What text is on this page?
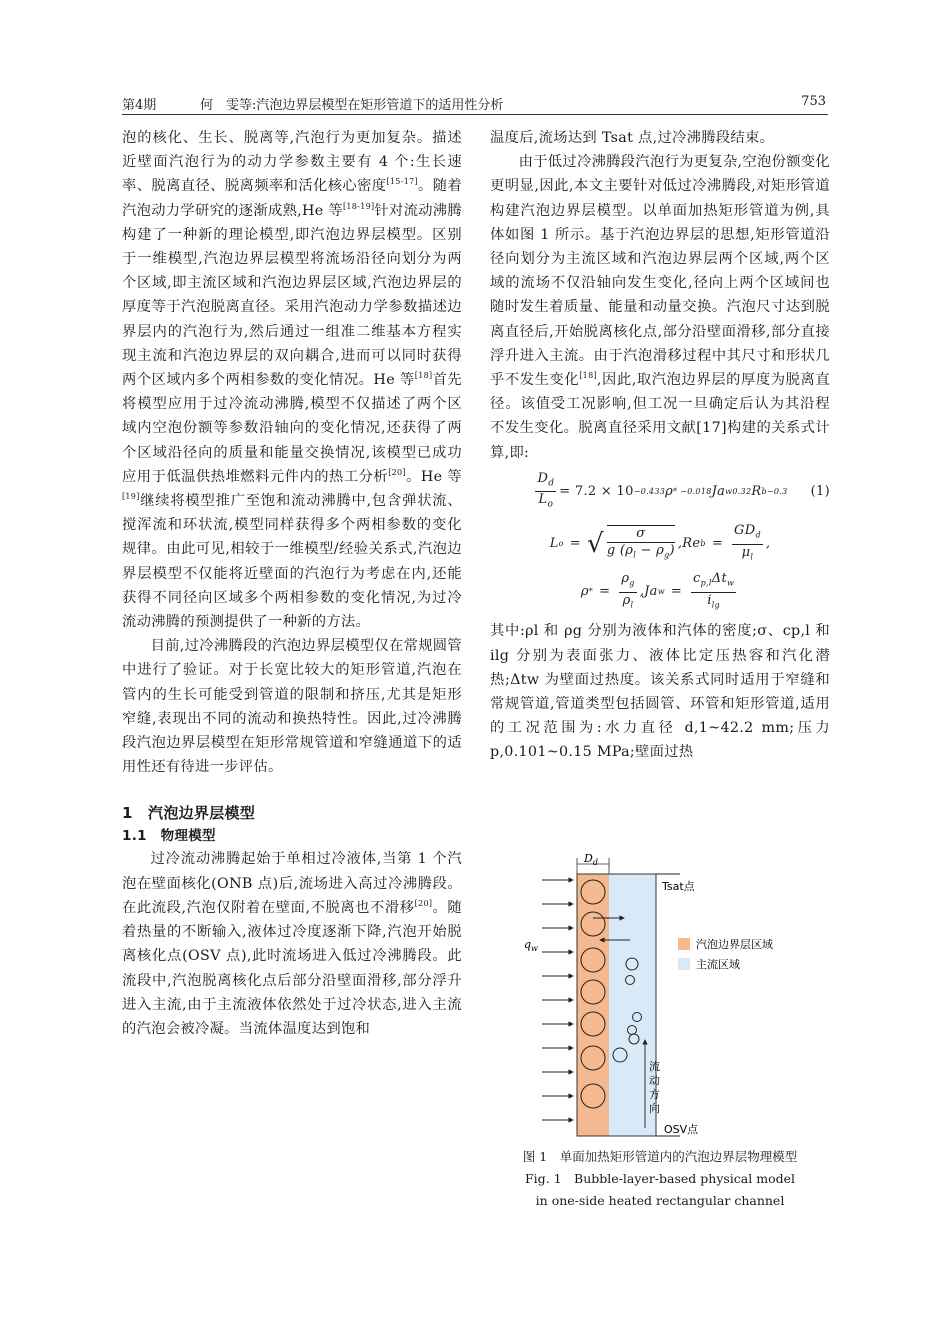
第4期	何　雯等:汽泡边界层模型在矩形管道下的适用性分析	753

泡的核化、生长、脱离等,汽泡行为更加复杂。描述近壁面汽泡行为的动力学参数主要有 4 个:生长速率、脱离直径、脱离频率和活化核心密度[15-17]。随着汽泡动力学研究的逐渐成熟,He 等[18-19]针对流动沸腾构建了一种新的理论模型,即汽泡边界层模型。区别于一维模型,汽泡边界层模型将流场沿径向划分为两个区域,即主流区域和汽泡边界层区域,汽泡边界层的厚度等于汽泡脱离直径。采用汽泡动力学参数描述边界层内的汽泡行为,然后通过一组准二维基本方程实现主流和汽泡边界层的双向耦合,进而可以同时获得两个区域内多个两相参数的变化情况。He 等[18]首先将模型应用于过冷流动沸腾,模型不仅描述了两个区域内空泡份额等参数沿轴向的变化情况,还获得了两个区域沿径向的质量和能量交换情况,该模型已成功应用于低温供热堆燃料元件内的热工分析[20]。He 等[19]继续将模型推广至饱和流动沸腾中,包含弹状流、搅浑流和环状流,模型同样获得多个两相参数的变化规律。由此可见,相较于一维模型/经验关系式,汽泡边界层模型不仅能将近壁面的汽泡行为考虑在内,还能获得不同径向区域多个两相参数的变化情况,为过冷流动沸腾的预测提供了一种新的方法。

目前,过冷沸腾段的汽泡边界层模型仅在常规圆管中进行了验证。对于长宽比较大的矩形管道,汽泡在管内的生长可能受到管道的限制和挤压,尤其是矩形窄缝,表现出不同的流动和换热特性。因此,过冷沸腾段汽泡边界层模型在矩形常规管道和窄缝通道下的适用性还有待进一步评估。

1　汽泡边界层模型
1.1　物理模型

过冷流动沸腾起始于单相过冷液体,当第 1 个汽泡在壁面核化(ONB 点)后,流场进入高过冷沸腾段。在此流段,汽泡仅附着在壁面,不脱离也不滑移[20]。随着热量的不断输入,液体过冷度逐渐下降,汽泡开始脱离核化点(OSV 点),此时流场进入低过冷沸腾段。此流段中,汽泡脱离核化点后部分沿壁面滑移,部分浮升进入主流,由于主流液体依然处于过冷状态,进入主流的汽泡会被冷凝。当流体温度达到饱和

温度后,流场达到 Tsat 点,过冷沸腾段结束。

由于低过冷沸腾段汽泡行为更复杂,空泡份额变化更明显,因此,本文主要针对低过冷沸腾段,对矩形管道构建汽泡边界层模型。以单面加热矩形管道为例,具体如图 1 所示。基于汽泡边界层的思想,矩形管道沿径向划分为主流区域和汽泡边界层两个区域,两个区域的流场不仅沿轴向发生变化,径向上两个区域间也随时发生着质量、能量和动量交换。汽泡尺寸达到脱离直径后,开始脱离核化点,部分沿壁面滑移,部分直接浮升进入主流。由于汽泡滑移过程中其尺寸和形状几乎不发生变化[18],因此,取汽泡边界层的厚度为脱离直径。该值受工况影响,但工况一旦确定后认为其沿程不发生变化。脱离直径采用文献[17]构建的关系式计算,即:

$\frac{D_d}{L_o} = 7.2 \times 10 -0.433$ ρ * −0.018 Ja w 0.32 R b −0.3 (1)
L o = √ $\frac{\sigma}{g (\rho_l - \rho_g)} ,Re$ $b = \frac{GD_d}{\mu_l}$ ,
ρ * = $\frac{\rho_g}{\rho_l} ,Ja$ $w = \frac{c_{p,l}\Delta t_w}{i_{lg}}$

其中:ρl 和 ρg 分别为液体和汽体的密度;σ、cp,l 和 ilg 分别为表面张力、液体比定压热容和汽化潜热;Δtw 为壁面过热度。该关系式同时适用于窄缝和常规管道,管道类型包括圆管、环管和矩形管道,适用的工况范围为:水力直径 d,1~42.2 mm;压力 p,0.101~0.15 MPa;壁面过热

$D_d$
$q_w$
Tsat点
OSV点
流 动 方 向
汽泡边界层区域
主流区域
图 1　单面加热矩形管道内的汽泡边界层物理模型
Fig. 1　Bubble-layer-based physical model
in one-side heated rectangular channel
